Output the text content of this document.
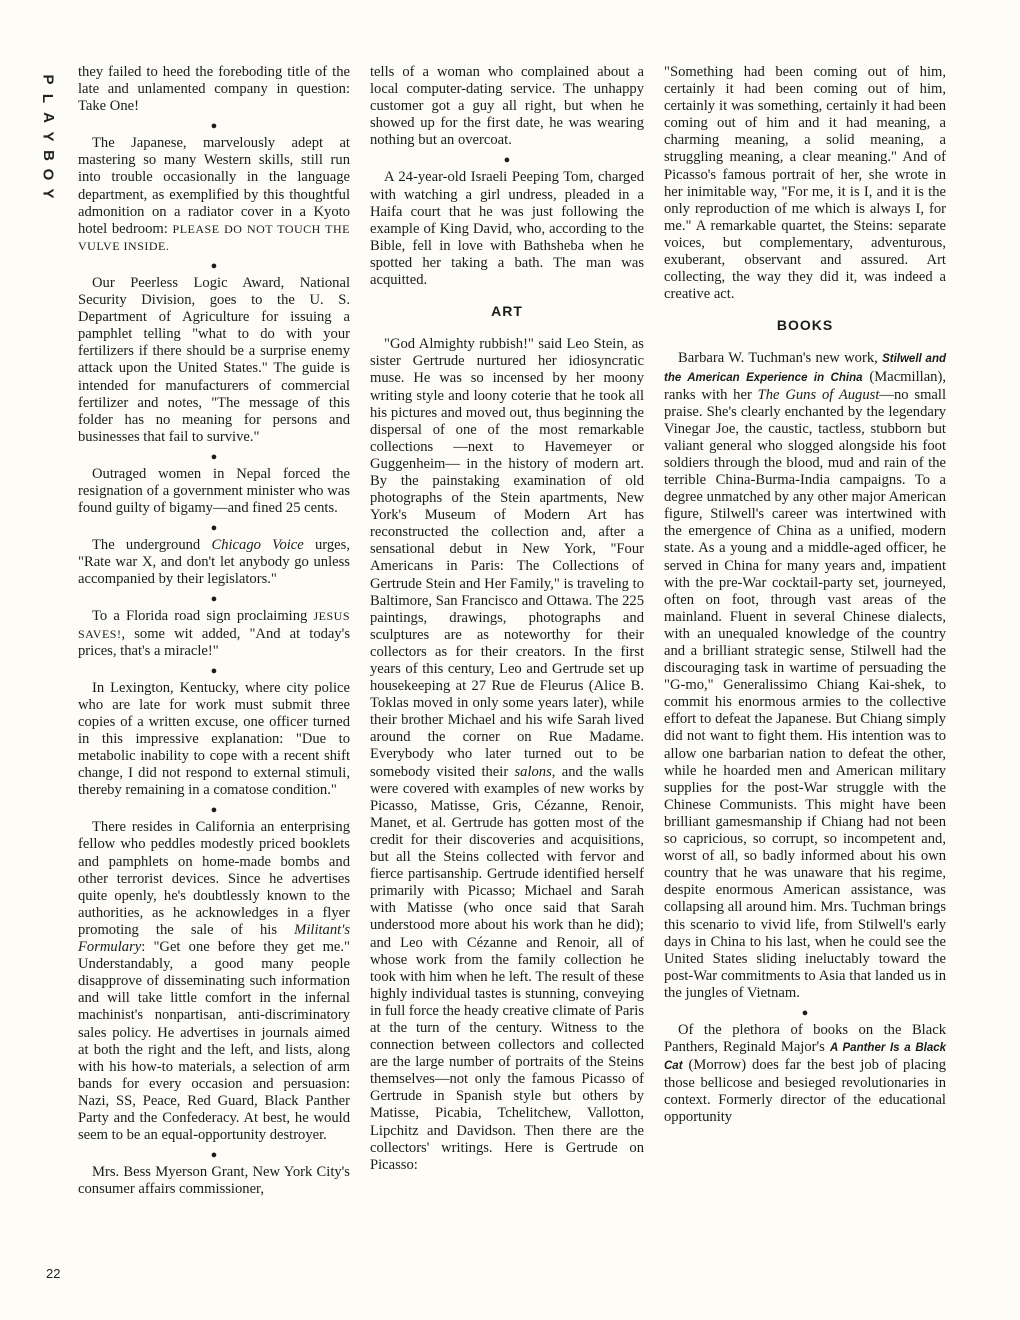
P
L
A
Y
B
O
Y
22

they failed to heed the foreboding title of the late and unlamented company in question: Take One!

●

The Japanese, marvelously adept at mastering so many Western skills, still run into trouble occasionally in the language department, as exemplified by this thoughtful admonition on a radiator cover in a Kyoto hotel bedroom: PLEASE DO NOT TOUCH THE VULVE INSIDE.

●

Our Peerless Logic Award, National Security Division, goes to the U. S. Department of Agriculture for issuing a pamphlet telling "what to do with your fertilizers if there should be a surprise enemy attack upon the United States." The guide is intended for manufacturers of commercial fertilizer and notes, "The message of this folder has no meaning for persons and businesses that fail to survive."

●

Outraged women in Nepal forced the resignation of a government minister who was found guilty of bigamy—and fined 25 cents.

●

The underground Chicago Voice urges, "Rate war X, and don't let anybody go unless accompanied by their legislators."

●

To a Florida road sign proclaiming JESUS SAVES!, some wit added, "And at today's prices, that's a miracle!"

●

In Lexington, Kentucky, where city police who are late for work must submit three copies of a written excuse, one officer turned in this impressive explanation: "Due to metabolic inability to cope with a recent shift change, I did not respond to external stimuli, thereby remaining in a comatose condition."

●

There resides in California an enterprising fellow who peddles modestly priced booklets and pamphlets on home-made bombs and other terrorist devices. Since he advertises quite openly, he's doubtlessly known to the authorities, as he acknowledges in a flyer promoting the sale of his Militant's Formulary: "Get one before they get me." Understandably, a good many people disapprove of disseminating such information and will take little comfort in the infernal machinist's nonpartisan, anti-discriminatory sales policy. He advertises in journals aimed at both the right and the left, and lists, along with his how-to materials, a selection of arm bands for every occasion and persuasion: Nazi, SS, Peace, Red Guard, Black Panther Party and the Confederacy. At best, he would seem to be an equal-opportunity destroyer.

●

Mrs. Bess Myerson Grant, New York City's consumer affairs commissioner,

tells of a woman who complained about a local computer-dating service. The unhappy customer got a guy all right, but when he showed up for the first date, he was wearing nothing but an overcoat.

●

A 24-year-old Israeli Peeping Tom, charged with watching a girl undress, pleaded in a Haifa court that he was just following the example of King David, who, according to the Bible, fell in love with Bathsheba when he spotted her taking a bath. The man was acquitted.

ART

"God Almighty rubbish!" said Leo Stein, as sister Gertrude nurtured her idiosyncratic muse. He was so incensed by her moony writing style and loony coterie that he took all his pictures and moved out, thus beginning the dispersal of one of the most remarkable collections —next to Havemeyer or Guggenheim— in the history of modern art. By the painstaking examination of old photographs of the Stein apartments, New York's Museum of Modern Art has reconstructed the collection and, after a sensational debut in New York, "Four Americans in Paris: The Collections of Gertrude Stein and Her Family," is traveling to Baltimore, San Francisco and Ottawa. The 225 paintings, drawings, photographs and sculptures are as noteworthy for their collectors as for their creators. In the first years of this century, Leo and Gertrude set up housekeeping at 27 Rue de Fleurus (Alice B. Toklas moved in only some years later), while their brother Michael and his wife Sarah lived around the corner on Rue Madame. Everybody who later turned out to be somebody visited their salons, and the walls were covered with examples of new works by Picasso, Matisse, Gris, Cézanne, Renoir, Manet, et al. Gertrude has gotten most of the credit for their discoveries and acquisitions, but all the Steins collected with fervor and fierce partisanship. Gertrude identified herself primarily with Picasso; Michael and Sarah with Matisse (who once said that Sarah understood more about his work than he did); and Leo with Cézanne and Renoir, all of whose work from the family collection he took with him when he left. The result of these highly individual tastes is stunning, conveying in full force the heady creative climate of Paris at the turn of the century. Witness to the connection between collectors and collected are the large number of portraits of the Steins themselves—not only the famous Picasso of Gertrude in Spanish style but others by Matisse, Picabia, Tchelitchew, Vallotton, Lipchitz and Davidson. Then there are the collectors' writings. Here is Gertrude on Picasso:

"Something had been coming out of him, certainly it had been coming out of him, certainly it was something, certainly it had been coming out of him and it had meaning, a charming meaning, a solid meaning, a struggling meaning, a clear meaning." And of Picasso's famous portrait of her, she wrote in her inimitable way, "For me, it is I, and it is the only reproduction of me which is always I, for me." A remarkable quartet, the Steins: separate voices, but complementary, adventurous, exuberant, observant and assured. Art collecting, the way they did it, was indeed a creative act.

BOOKS

Barbara W. Tuchman's new work, Stilwell and the American Experience in China (Macmillan), ranks with her The Guns of August—no small praise. She's clearly enchanted by the legendary Vinegar Joe, the caustic, tactless, stubborn but valiant general who slogged alongside his foot soldiers through the blood, mud and rain of the terrible China-Burma-India campaigns. To a degree unmatched by any other major American figure, Stilwell's career was intertwined with the emergence of China as a unified, modern state. As a young and a middle-aged officer, he served in China for many years and, impatient with the pre-War cocktail-party set, journeyed, often on foot, through vast areas of the mainland. Fluent in several Chinese dialects, with an unequaled knowledge of the country and a brilliant strategic sense, Stilwell had the discouraging task in wartime of persuading the "G-mo," Generalissimo Chiang Kai-shek, to commit his enormous armies to the collective effort to defeat the Japanese. But Chiang simply did not want to fight them. His intention was to allow one barbarian nation to defeat the other, while he hoarded men and American military supplies for the post-War struggle with the Chinese Communists. This might have been brilliant gamesmanship if Chiang had not been so capricious, so corrupt, so incompetent and, worst of all, so badly informed about his own country that he was unaware that his regime, despite enormous American assistance, was collapsing all around him. Mrs. Tuchman brings this scenario to vivid life, from Stilwell's early days in China to his last, when he could see the United States sliding ineluctably toward the post-War commitments to Asia that landed us in the jungles of Vietnam.

●

Of the plethora of books on the Black Panthers, Reginald Major's A Panther Is a Black Cat (Morrow) does far the best job of placing those bellicose and besieged revolutionaries in context. Formerly director of the educational opportunity
